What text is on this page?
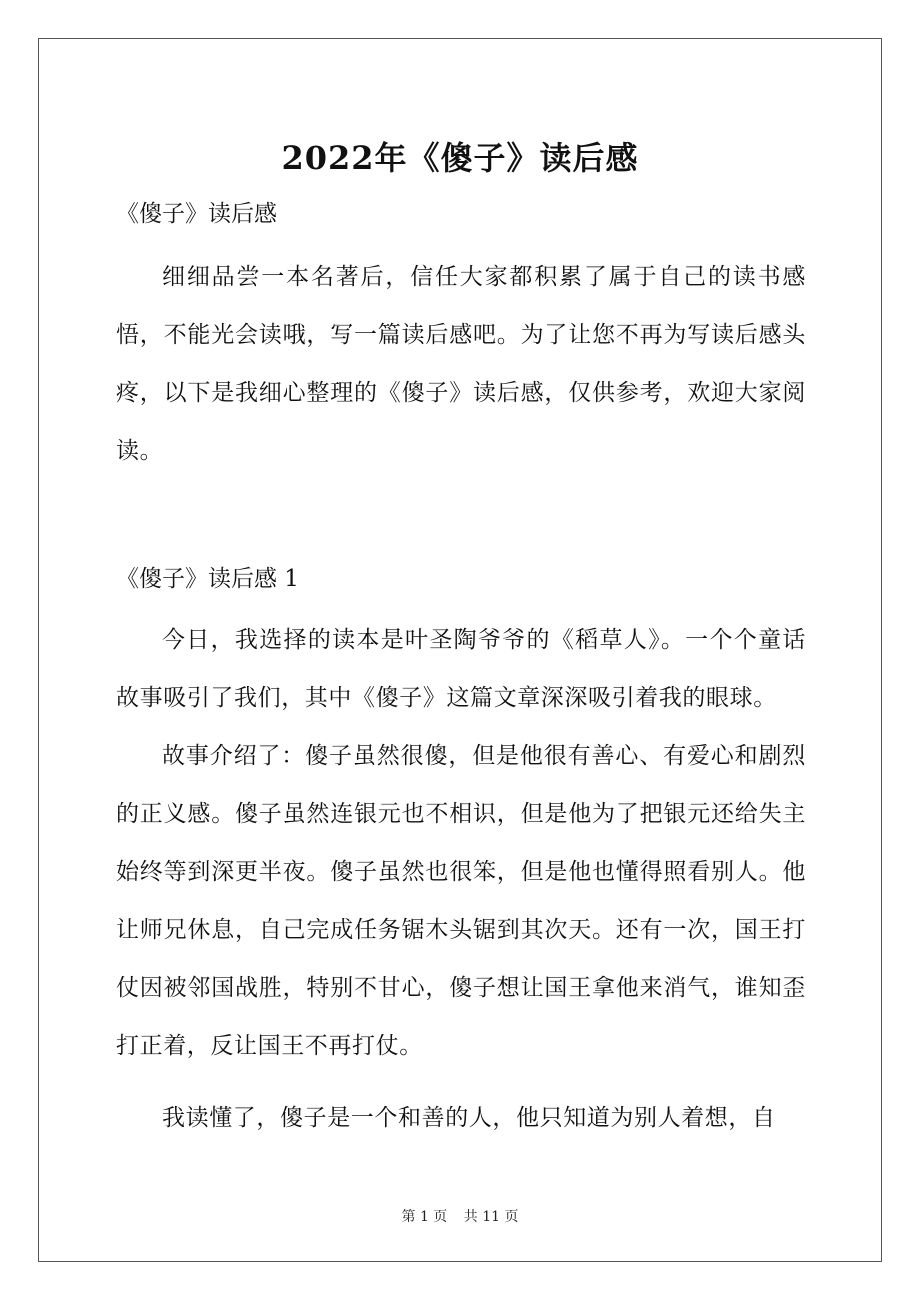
2022年《傻子》读后感

《傻子》读后感

细细品尝一本名著后，信任大家都积累了属于自己的读书感悟，不能光会读哦，写一篇读后感吧。为了让您不再为写读后感头疼，以下是我细心整理的《傻子》读后感，仅供参考，欢迎大家阅读。

《傻子》读后感 1

今日，我选择的读本是叶圣陶爷爷的《稻草人》。一个个童话故事吸引了我们，其中《傻子》这篇文章深深吸引着我的眼球。

故事介绍了：傻子虽然很傻，但是他很有善心、有爱心和剧烈的正义感。傻子虽然连银元也不相识，但是他为了把银元还给失主始终等到深更半夜。傻子虽然也很笨，但是他也懂得照看别人。他让师兄休息，自己完成任务锯木头锯到其次天。还有一次，国王打仗因被邻国战胜，特别不甘心，傻子想让国王拿他来消气，谁知歪打正着，反让国王不再打仗。

我读懂了，傻子是一个和善的人，他只知道为别人着想，自

第 1 页 共 11 页
